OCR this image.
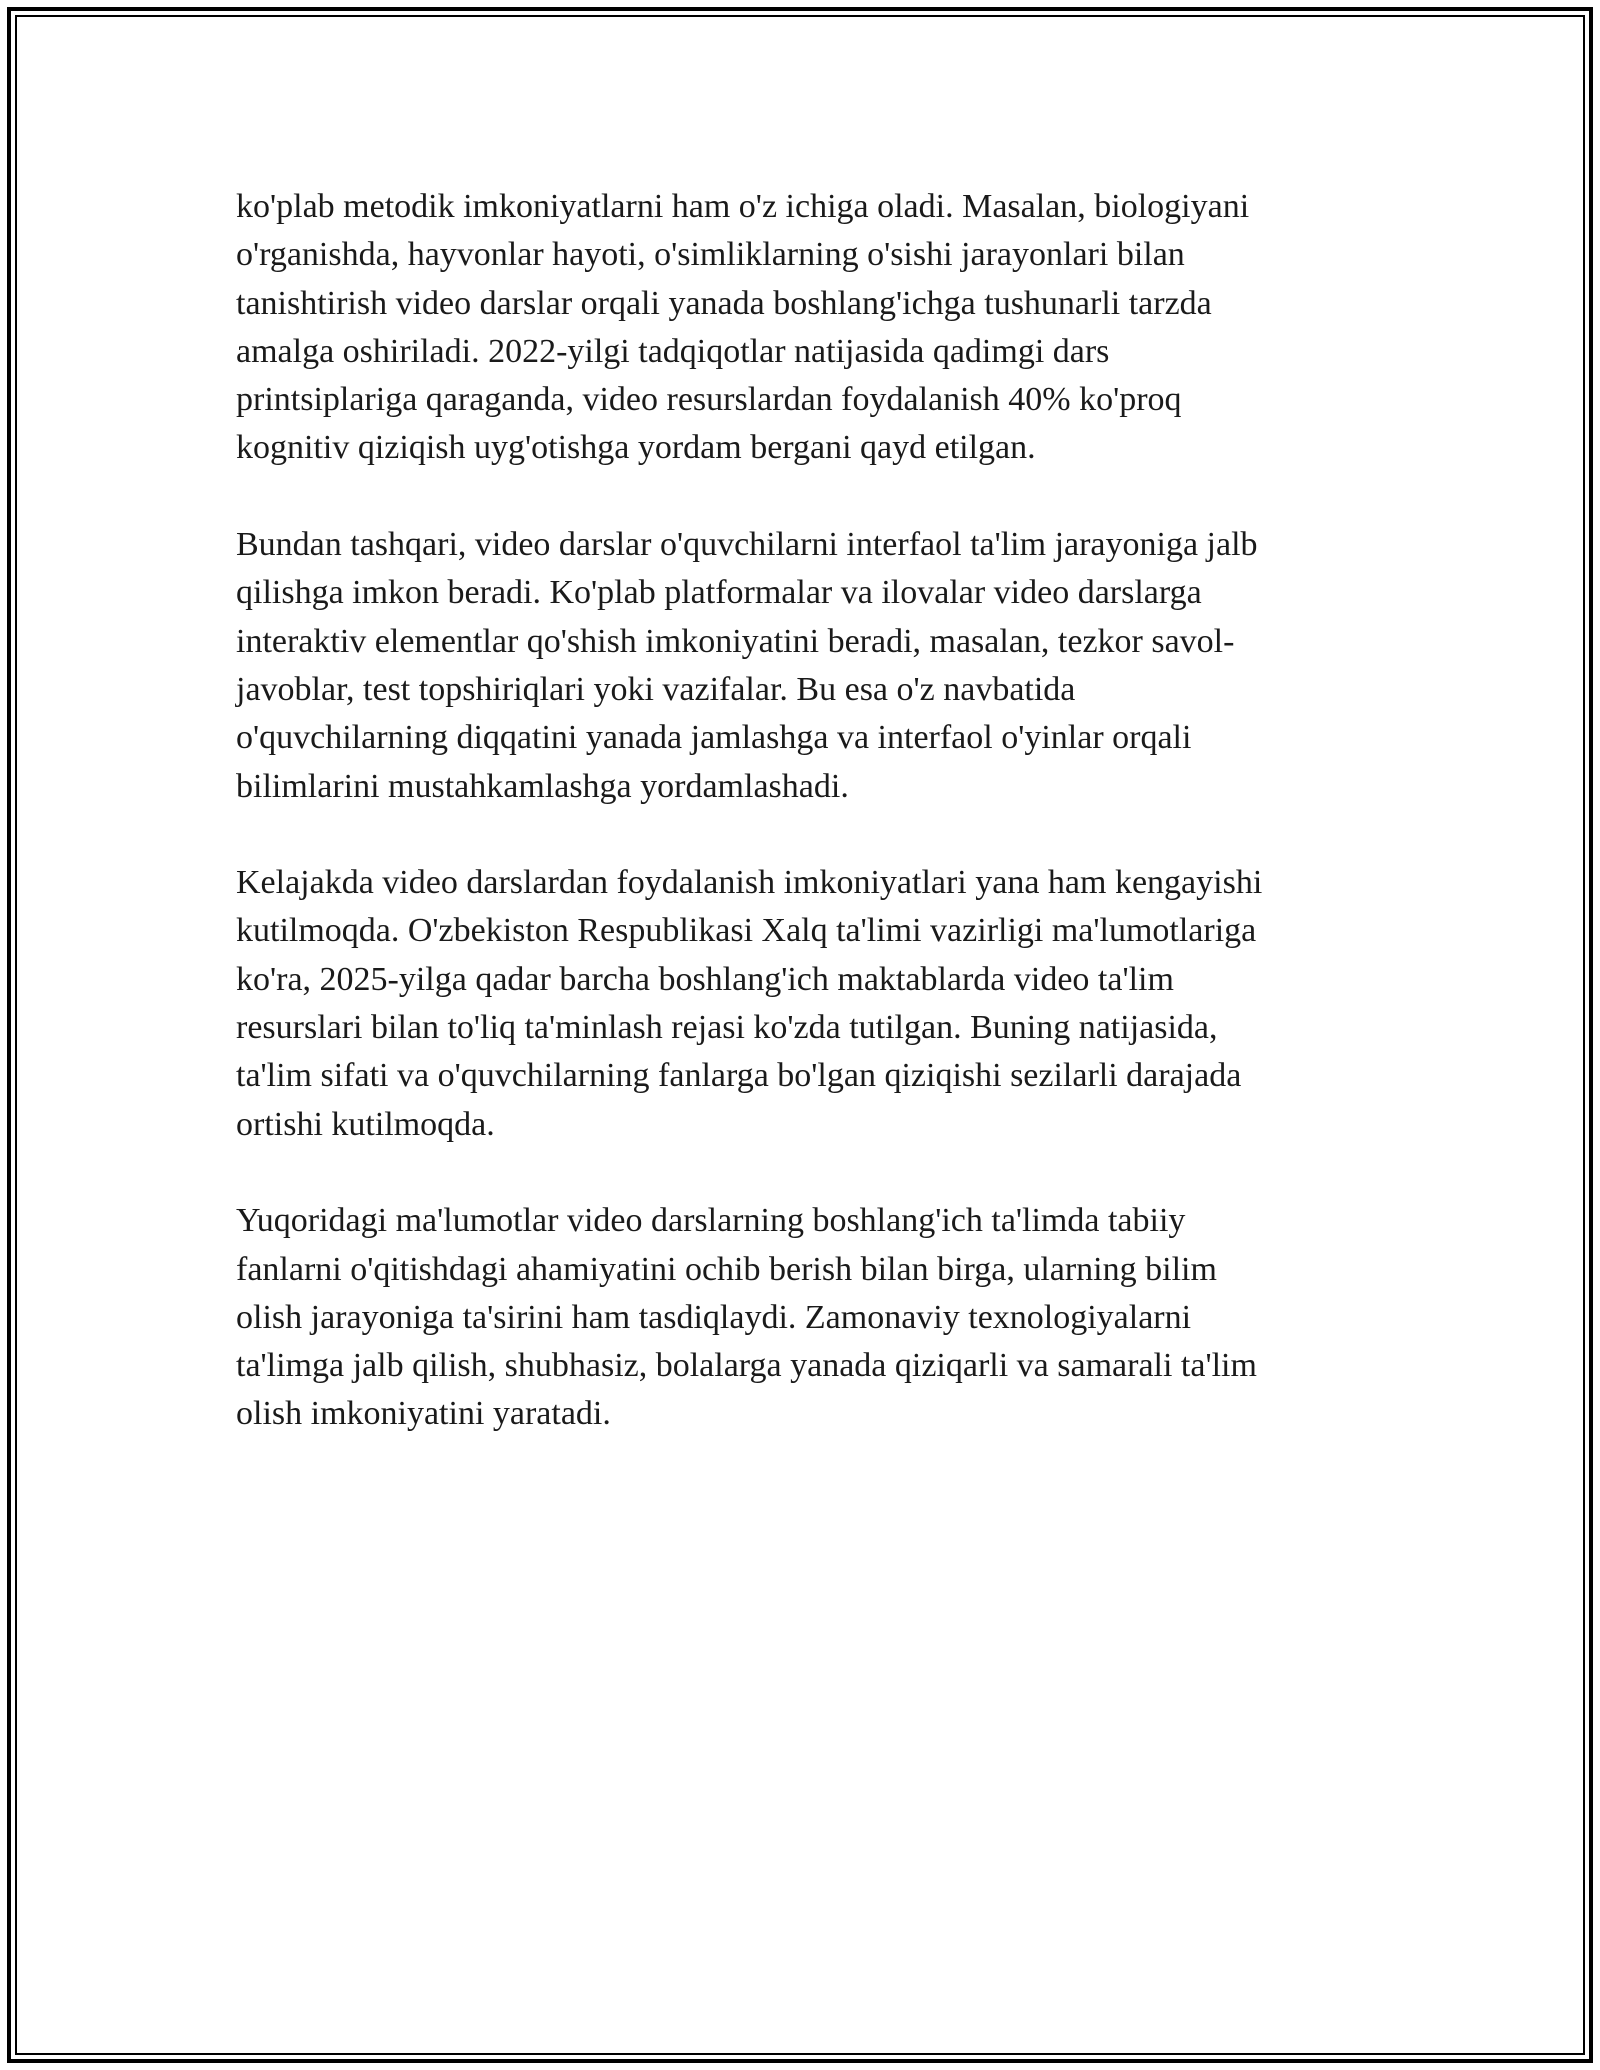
ko'plab metodik imkoniyatlarni ham o'z ichiga oladi. Masalan, biologiyani
o'rganishda, hayvonlar hayoti, o'simliklarning o'sishi jarayonlari bilan
tanishtirish video darslar orqali yanada boshlang'ichga tushunarli tarzda
amalga oshiriladi. 2022-yilgi tadqiqotlar natijasida qadimgi dars
printsiplariga qaraganda, video resurslardan foydalanish 40% ko'proq
kognitiv qiziqish uyg'otishga yordam bergani qayd etilgan.

Bundan tashqari, video darslar o'quvchilarni interfaol ta'lim jarayoniga jalb
qilishga imkon beradi. Ko'plab platformalar va ilovalar video darslarga
interaktiv elementlar qo'shish imkoniyatini beradi, masalan, tezkor savol-
javoblar, test topshiriqlari yoki vazifalar. Bu esa o'z navbatida
o'quvchilarning diqqatini yanada jamlashga va interfaol o'yinlar orqali
bilimlarini mustahkamlashga yordamlashadi.

Kelajakda video darslardan foydalanish imkoniyatlari yana ham kengayishi
kutilmoqda. O'zbekiston Respublikasi Xalq ta'limi vazirligi ma'lumotlariga
ko'ra, 2025-yilga qadar barcha boshlang'ich maktablarda video ta'lim
resurslari bilan to'liq ta'minlash rejasi ko'zda tutilgan. Buning natijasida,
ta'lim sifati va o'quvchilarning fanlarga bo'lgan qiziqishi sezilarli darajada
ortishi kutilmoqda.

Yuqoridagi ma'lumotlar video darslarning boshlang'ich ta'limda tabiiy
fanlarni o'qitishdagi ahamiyatini ochib berish bilan birga, ularning bilim
olish jarayoniga ta'sirini ham tasdiqlaydi. Zamonaviy texnologiyalarni
ta'limga jalb qilish, shubhasiz, bolalarga yanada qiziqarli va samarali ta'lim
olish imkoniyatini yaratadi.
